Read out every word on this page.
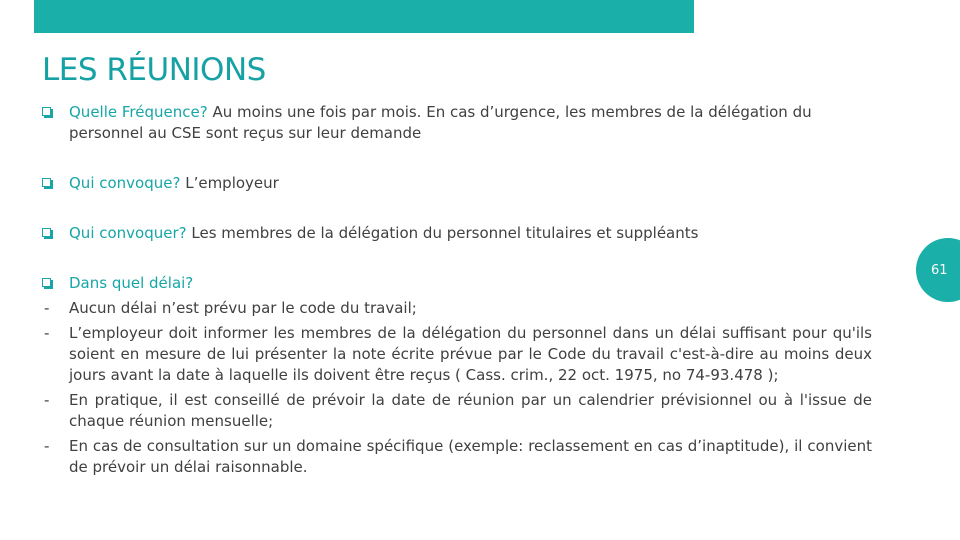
LES RÉUNIONS
Quelle Fréquence? Au moins une fois par mois. En cas d’urgence, les membres de la délégation du personnel au CSE sont reçus sur leur demande
Qui convoque? L’employeur
Qui convoquer? Les membres de la délégation du personnel titulaires et suppléants
Dans quel délai?
- Aucun délai n’est prévu par le code du travail;
- L’employeur doit informer les membres de la délégation du personnel dans un délai suffisant pour qu'ils soient en mesure de lui présenter la note écrite prévue par le Code du travail c'est-à-dire au moins deux jours avant la date à laquelle ils doivent être reçus ( Cass. crim., 22 oct. 1975, no 74-93.478 );
- En pratique, il est conseillé de prévoir la date de réunion par un calendrier prévisionnel ou à l'issue de chaque réunion mensuelle;
- En cas de consultation sur un domaine spécifique (exemple: reclassement en cas d’inaptitude), il convient de prévoir un délai raisonnable.
61
